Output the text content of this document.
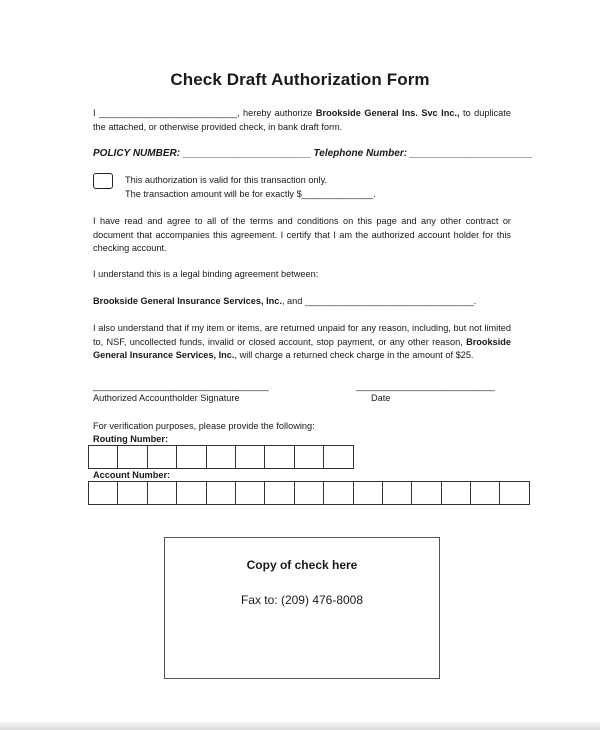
Check Draft Authorization Form
I ___________________________, hereby authorize Brookside General Ins. Svc Inc., to duplicate the attached, or otherwise provided check, in bank draft form.
POLICY NUMBER: _______________________ Telephone Number: ______________________
This authorization is valid for this transaction only.
The transaction amount will be for exactly $______________.
I have read and agree to all of the terms and conditions on this page and any other contract or document that accompanies this agreement. I certify that I am the authorized account holder for this checking account.
I understand this is a legal binding agreement between:
Brookside General Insurance Services, Inc., and _________________________________.
I also understand that if my item or items, are returned unpaid for any reason, including, but not limited to, NSF, uncollected funds, invalid or closed account, stop payment, or any other reason, Brookside General Insurance Services, Inc., will charge a returned check charge in the amount of $25.
______________________________________	______________________________
Authorized Accountholder Signature	Date
For verification purposes, please provide the following:
Routing Number:
Account Number:
Copy of check here
Fax to: (209) 476-8008
